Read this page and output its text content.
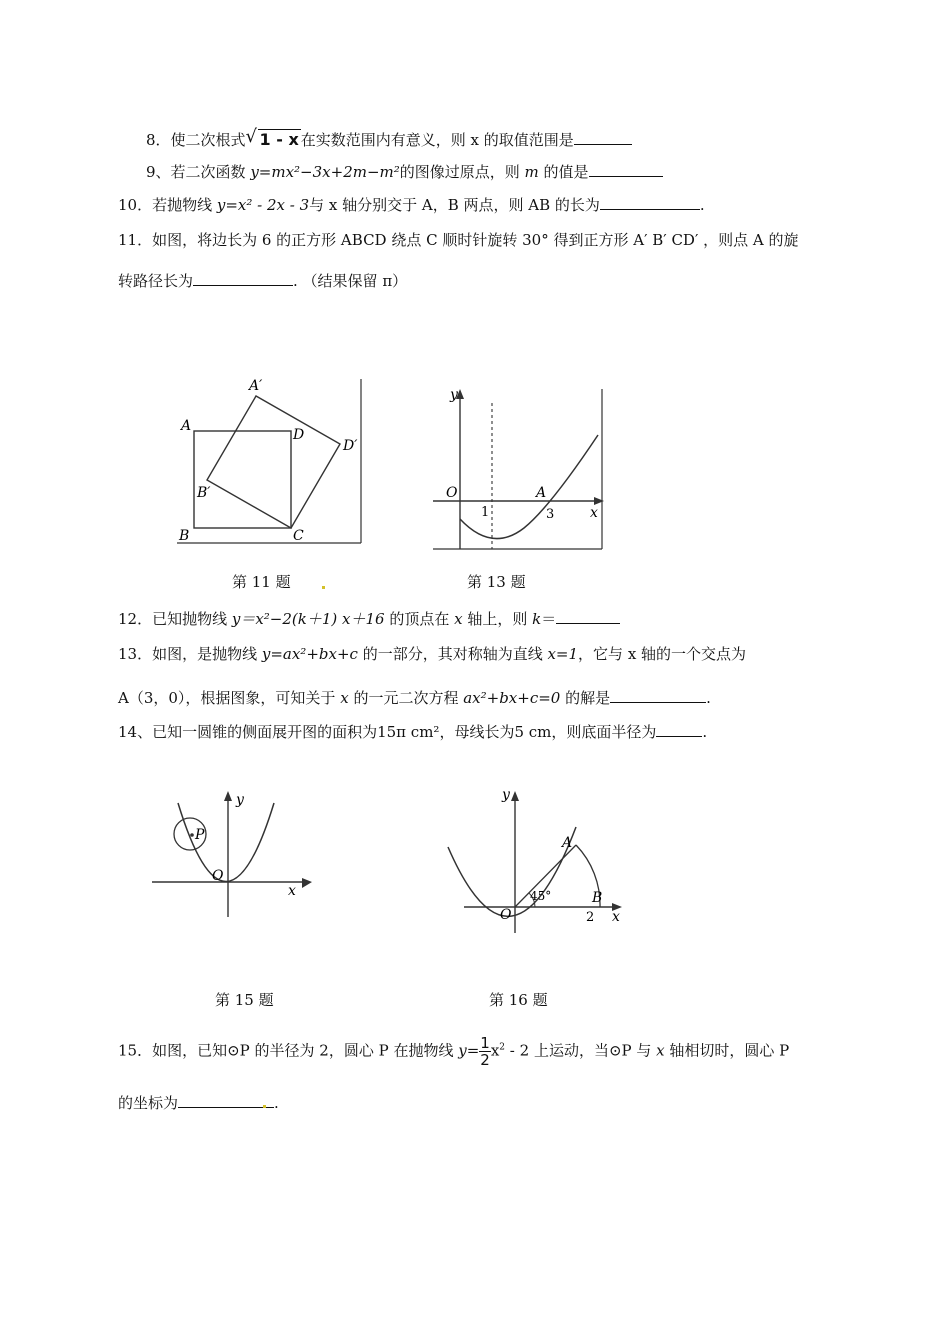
8．使二次根式 √ 1 - x 在实数范围内有意义，则 x 的取值范围是
9、若二次函数 y=mx²−3x+2m−m²的图像过原点，则 m 的值是
10．若抛物线 y=x² - 2x - 3与 x 轴分别交于 A，B 两点，则 AB 的长为	.
11．如图，将边长为 6 的正方形 ABCD 绕点 C 顺时针旋转 30° 得到正方形 A′ B′ CD′ ，则点 A 的旋
转路径长为	. （结果保留 π）
A
B	C
D
A′
B′
D′
第 11 题
y
O	A
1	3	x
第 13 题
12．已知抛物线 y＝x²−2(k＋1) x＋16 的顶点在 x 轴上，则 k＝
13．如图，是抛物线 y=ax²+bx+c 的一部分，其对称轴为直线 x=1，它与 x 轴的一个交点为
A（3，0），根据图象，可知关于 x 的一元二次方程 ax²+bx+c=0 的解是	.
14、已知一圆锥的侧面展开图的面积为15π cm²，母线长为5 cm，则底面半径为	.
y
P
O
x
第 15 题
y
A
45°	B
O	2 x
第 16 题
15．如图，已知⊙P 的半径为 2，圆心 P 在抛物线 $y= \frac{1}{2} x^2 - 2$ 上运动，当⊙P 与 x 轴相切时，圆心 P
的坐标为	.
